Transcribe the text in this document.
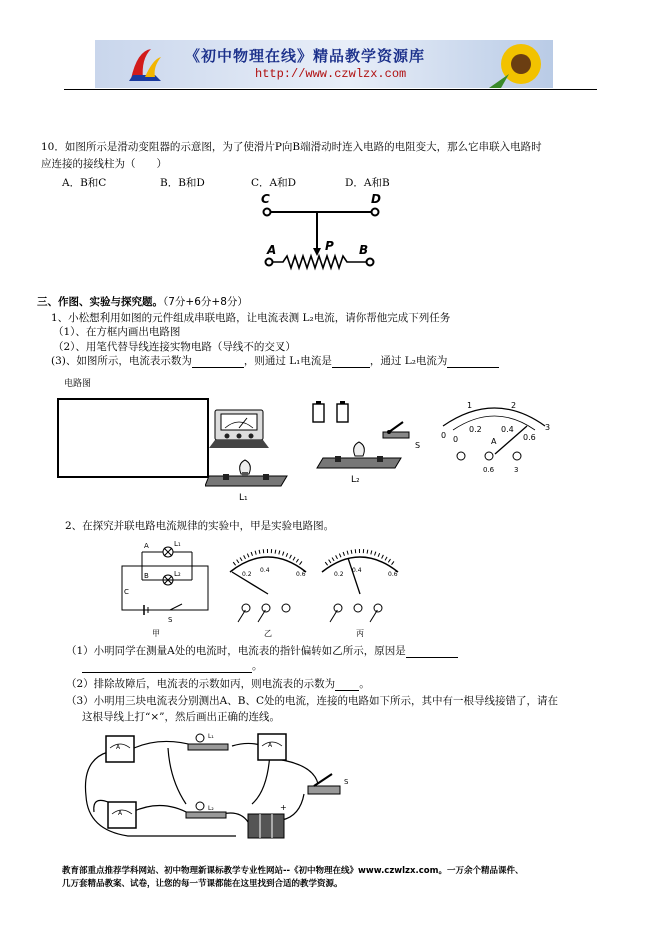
《初中物理在线》精品教学资源库
http://www.czwlzx.com
10．如图所示是滑动变阻器的示意图，为了使滑片P向B端滑动时连入电路的电阻变大，那么它串联入电路时
应连接的接线柱为（　　）
A．B和C	B．B和D	C．A和D	D．A和B
C	D
A	B
P
三、作图、实验与探究题。（7分+6分+8分）
1、小松想利用如图的元件组成串联电路，让电流表测 L₂电流，请你帮他完成下列任务
（1）、在方框内画出电路图
（2）、用笔代替导线连接实物电路（导线不的交叉）
(3)、如图所示，电流表示数为	，则通过 L₁电流是	，通过 L₂电流为
电路图
L₁
S
L₂
0
1	2
3
0
0.2 0.4
0.6
A
0.6	3
2、在探究并联电路电流规律的实验中，甲是实验电路图。
A	L₁
B	L₂
C
S
甲
0.2
0.4
0.6
乙
0.2
0.4
0.6
丙
（1）小明同学在测量A处的电流时，电流表的指针偏转如乙所示，原因是
。
（2）排除故障后，电流表的示数如丙，则电流表的示数为 。
（3）小明用三块电流表分别测出A、B、C处的电流，连接的电路如下所示，其中有一根导线接错了，请在
这根导线上打“×”，然后画出正确的连线。
A	A
A
L₁
L₂
S
+
教育部重点推荐学科网站、初中物理新课标教学专业性网站--《初中物理在线》www.czwlzx.com。一万余个精品课件、
几万套精品教案、试卷，让您的每一节课都能在这里找到合适的教学资源。
